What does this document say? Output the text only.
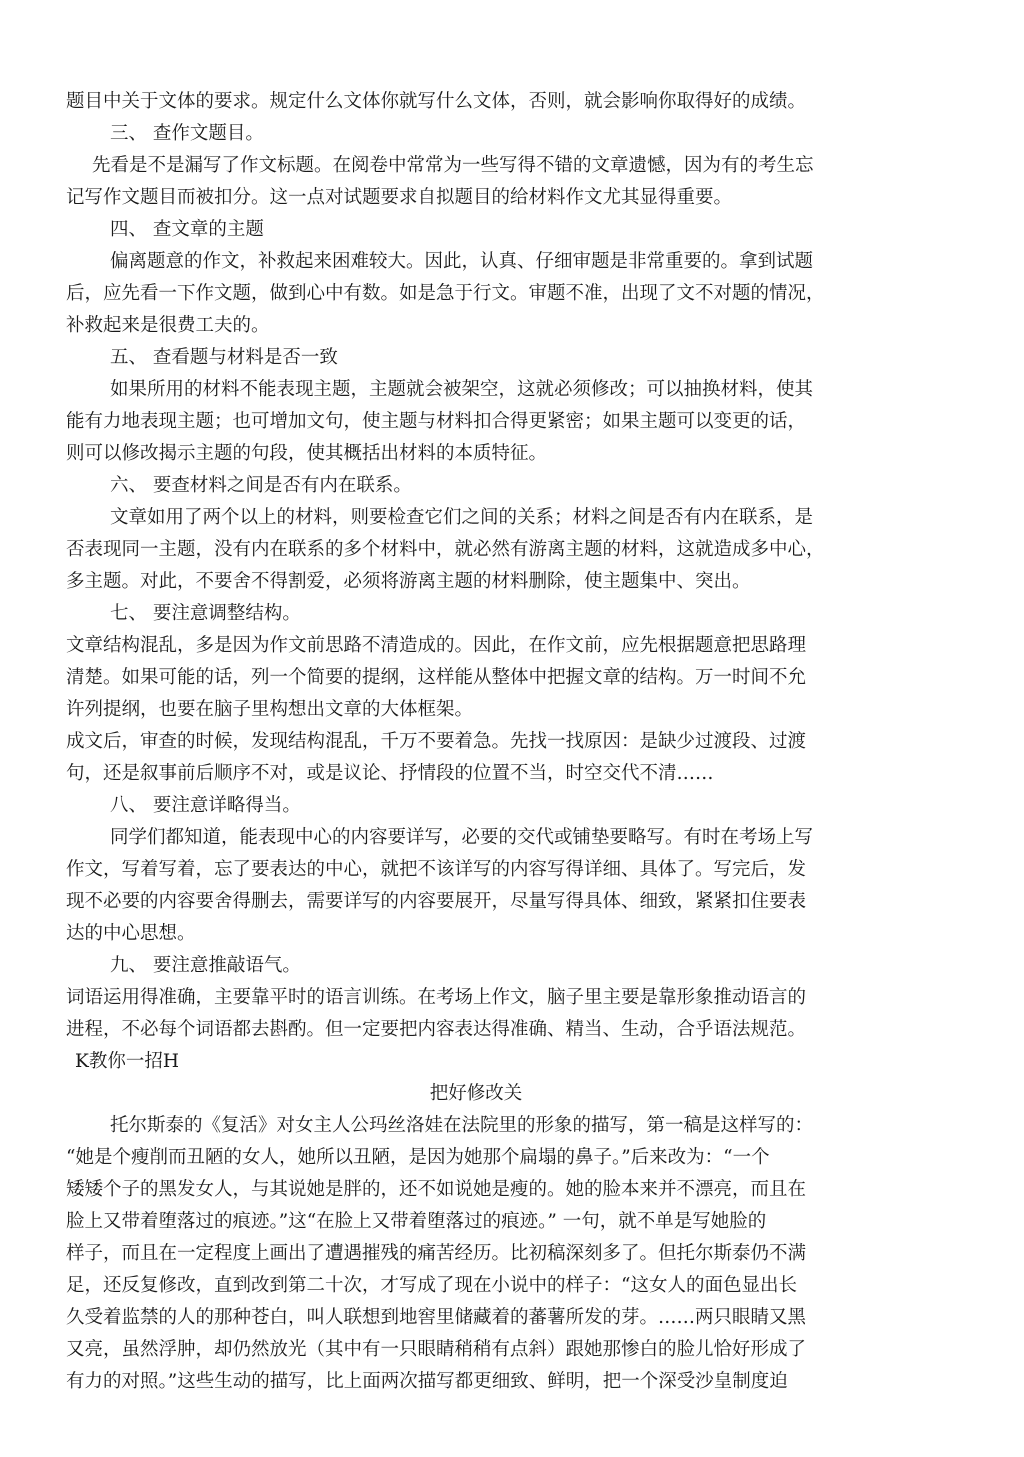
题目中关于文体的要求。规定什么文体你就写什么文体，否则，就会影响你取得好的成绩。

三、 查作文题目。

先看是不是漏写了作文标题。在阅卷中常常为一些写得不错的文章遗憾，因为有的考生忘

记写作文题目而被扣分。这一点对试题要求自拟题目的给材料作文尤其显得重要。

四、 查文章的主题

偏离题意的作文，补救起来困难较大。因此，认真、仔细审题是非常重要的。拿到试题

后，应先看一下作文题，做到心中有数。如是急于行文。审题不准，出现了文不对题的情况，

补救起来是很费工夫的。

五、 查看题与材料是否一致

如果所用的材料不能表现主题，主题就会被架空，这就必须修改；可以抽换材料，使其

能有力地表现主题；也可增加文句，使主题与材料扣合得更紧密；如果主题可以变更的话，

则可以修改揭示主题的句段，使其概括出材料的本质特征。

六、 要查材料之间是否有内在联系。

文章如用了两个以上的材料，则要检查它们之间的关系；材料之间是否有内在联系，是

否表现同一主题，没有内在联系的多个材料中，就必然有游离主题的材料，这就造成多中心，

多主题。对此，不要舍不得割爱，必须将游离主题的材料删除，使主题集中、突出。

七、 要注意调整结构。

文章结构混乱，多是因为作文前思路不清造成的。因此，在作文前，应先根据题意把思路理

清楚。如果可能的话，列一个简要的提纲，这样能从整体中把握文章的结构。万一时间不允

许列提纲，也要在脑子里构想出文章的大体框架。

成文后，审查的时候，发现结构混乱，千万不要着急。先找一找原因：是缺少过渡段、过渡

句，还是叙事前后顺序不对，或是议论、抒情段的位置不当，时空交代不清……

八、 要注意详略得当。

同学们都知道，能表现中心的内容要详写，必要的交代或铺垫要略写。有时在考场上写

作文，写着写着，忘了要表达的中心，就把不该详写的内容写得详细、具体了。写完后，发

现不必要的内容要舍得删去，需要详写的内容要展开，尽量写得具体、细致，紧紧扣住要表

达的中心思想。

九、 要注意推敲语气。

词语运用得准确，主要靠平时的语言训练。在考场上作文，脑子里主要是靠形象推动语言的

进程，不必每个词语都去斟酌。但一定要把内容表达得准确、精当、生动，合乎语法规范。

K教你一招H

把好修改关

托尔斯泰的《复活》对女主人公玛丝洛娃在法院里的形象的描写，第一稿是这样写的：

“她是个瘦削而丑陋的女人，她所以丑陋，是因为她那个扁塌的鼻子。”后来改为：“一个

矮矮个子的黑发女人，与其说她是胖的，还不如说她是瘦的。她的脸本来并不漂亮，而且在

脸上又带着堕落过的痕迹。”这“在脸上又带着堕落过的痕迹。” 一句，就不单是写她脸的

样子，而且在一定程度上画出了遭遇摧残的痛苦经历。比初稿深刻多了。但托尔斯泰仍不满

足，还反复修改，直到改到第二十次，才写成了现在小说中的样子：“这女人的面色显出长

久受着监禁的人的那种苍白，叫人联想到地窖里储藏着的蕃薯所发的芽。……两只眼睛又黑

又亮，虽然浮肿，却仍然放光（其中有一只眼睛稍稍有点斜）跟她那惨白的脸儿恰好形成了

有力的对照。”这些生动的描写，比上面两次描写都更细致、鲜明，把一个深受沙皇制度迫
